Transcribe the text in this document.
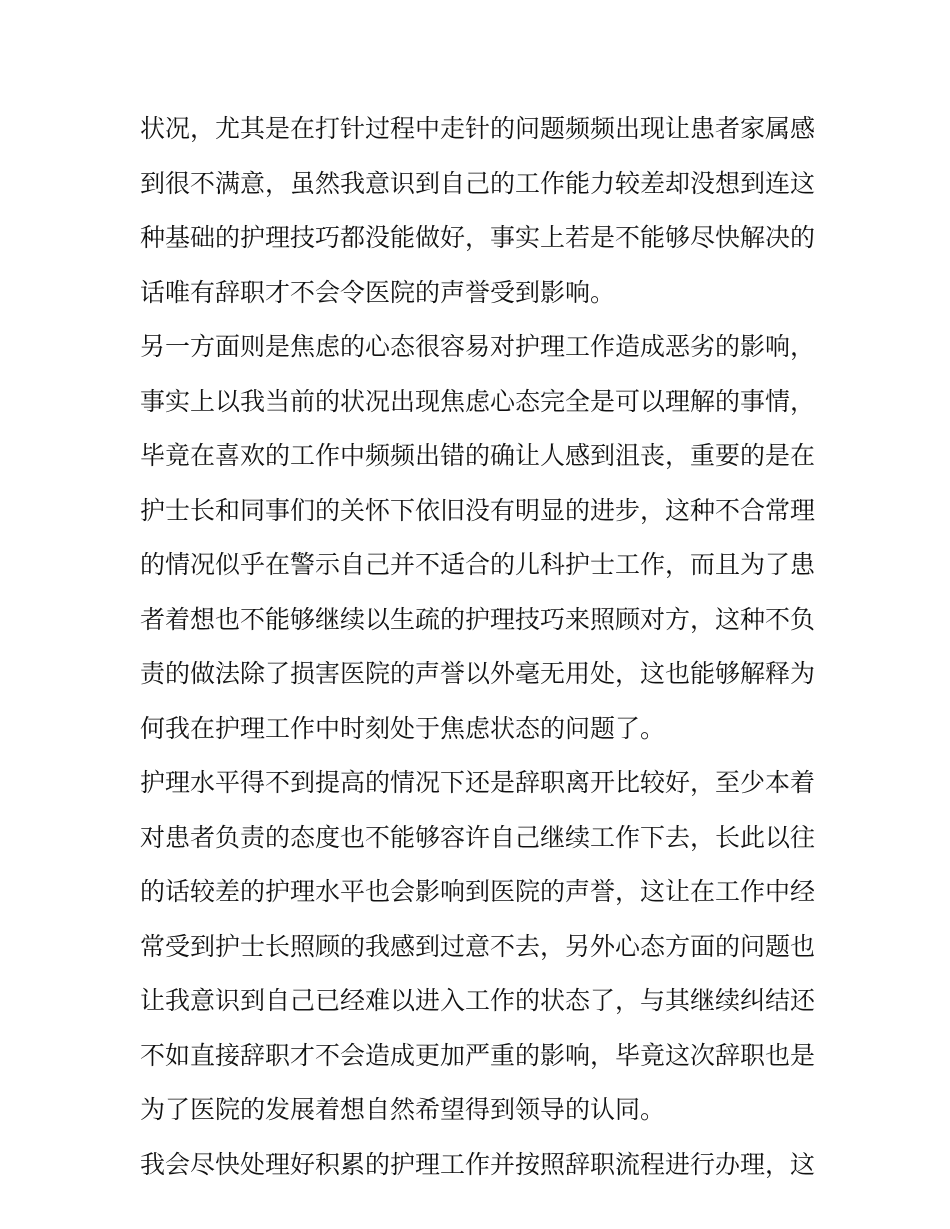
状况，尤其是在打针过程中走针的问题频频出现让患者家属感到很不满意，虽然我意识到自己的工作能力较差却没想到连这种基础的护理技巧都没能做好，事实上若是不能够尽快解决的话唯有辞职才不会令医院的声誉受到影响。

另一方面则是焦虑的心态很容易对护理工作造成恶劣的影响，事实上以我当前的状况出现焦虑心态完全是可以理解的事情，毕竟在喜欢的工作中频频出错的确让人感到沮丧，重要的是在护士长和同事们的关怀下依旧没有明显的进步，这种不合常理的情况似乎在警示自己并不适合的儿科护士工作，而且为了患者着想也不能够继续以生疏的护理技巧来照顾对方，这种不负责的做法除了损害医院的声誉以外毫无用处，这也能够解释为何我在护理工作中时刻处于焦虑状态的问题了。

护理水平得不到提高的情况下还是辞职离开比较好，至少本着对患者负责的态度也不能够容许自己继续工作下去，长此以往的话较差的护理水平也会影响到医院的声誉，这让在工作中经常受到护士长照顾的我感到过意不去，另外心态方面的问题也让我意识到自己已经难以进入工作的状态了，与其继续纠结还不如直接辞职才不会造成更加严重的影响，毕竟这次辞职也是为了医院的发展着想自然希望得到领导的认同。

我会尽快处理好积累的护理工作并按照辞职流程进行办理，这
